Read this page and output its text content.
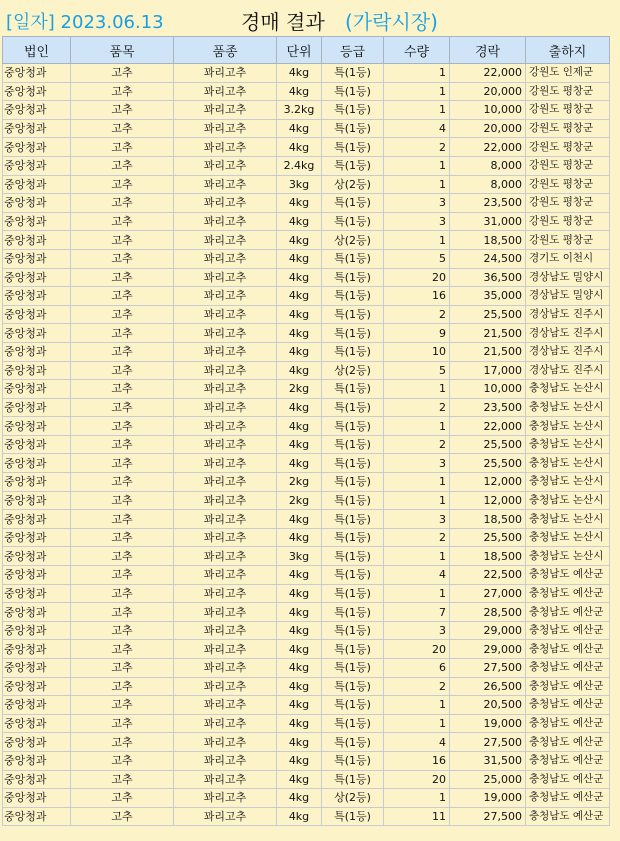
[일자] 2023.06.13	경매 결과 (가락시장)
법인	품목	품종	단위	등급	수량	경락	출하지
중앙청과	고추	꽈리고추	4kg	특(1등)	1	22,000	강원도 인제군
중앙청과	고추	꽈리고추	4kg	특(1등)	1	20,000	강원도 평창군
중앙청과	고추	꽈리고추	3.2kg	특(1등)	1	10,000	강원도 평창군
중앙청과	고추	꽈리고추	4kg	특(1등)	4	20,000	강원도 평창군
중앙청과	고추	꽈리고추	4kg	특(1등)	2	22,000	강원도 평창군
중앙청과	고추	꽈리고추	2.4kg	특(1등)	1	8,000	강원도 평창군
중앙청과	고추	꽈리고추	3kg	상(2등)	1	8,000	강원도 평창군
중앙청과	고추	꽈리고추	4kg	특(1등)	3	23,500	강원도 평창군
중앙청과	고추	꽈리고추	4kg	특(1등)	3	31,000	강원도 평창군
중앙청과	고추	꽈리고추	4kg	상(2등)	1	18,500	강원도 평창군
중앙청과	고추	꽈리고추	4kg	특(1등)	5	24,500	경기도 이천시
중앙청과	고추	꽈리고추	4kg	특(1등)	20	36,500	경상남도 밀양시
중앙청과	고추	꽈리고추	4kg	특(1등)	16	35,000	경상남도 밀양시
중앙청과	고추	꽈리고추	4kg	특(1등)	2	25,500	경상남도 진주시
중앙청과	고추	꽈리고추	4kg	특(1등)	9	21,500	경상남도 진주시
중앙청과	고추	꽈리고추	4kg	특(1등)	10	21,500	경상남도 진주시
중앙청과	고추	꽈리고추	4kg	상(2등)	5	17,000	경상남도 진주시
중앙청과	고추	꽈리고추	2kg	특(1등)	1	10,000	충청남도 논산시
중앙청과	고추	꽈리고추	4kg	특(1등)	2	23,500	충청남도 논산시
중앙청과	고추	꽈리고추	4kg	특(1등)	1	22,000	충청남도 논산시
중앙청과	고추	꽈리고추	4kg	특(1등)	2	25,500	충청남도 논산시
중앙청과	고추	꽈리고추	4kg	특(1등)	3	25,500	충청남도 논산시
중앙청과	고추	꽈리고추	2kg	특(1등)	1	12,000	충청남도 논산시
중앙청과	고추	꽈리고추	2kg	특(1등)	1	12,000	충청남도 논산시
중앙청과	고추	꽈리고추	4kg	특(1등)	3	18,500	충청남도 논산시
중앙청과	고추	꽈리고추	4kg	특(1등)	2	25,500	충청남도 논산시
중앙청과	고추	꽈리고추	3kg	특(1등)	1	18,500	충청남도 논산시
중앙청과	고추	꽈리고추	4kg	특(1등)	4	22,500	충청남도 예산군
중앙청과	고추	꽈리고추	4kg	특(1등)	1	27,000	충청남도 예산군
중앙청과	고추	꽈리고추	4kg	특(1등)	7	28,500	충청남도 예산군
중앙청과	고추	꽈리고추	4kg	특(1등)	3	29,000	충청남도 예산군
중앙청과	고추	꽈리고추	4kg	특(1등)	20	29,000	충청남도 예산군
중앙청과	고추	꽈리고추	4kg	특(1등)	6	27,500	충청남도 예산군
중앙청과	고추	꽈리고추	4kg	특(1등)	2	26,500	충청남도 예산군
중앙청과	고추	꽈리고추	4kg	특(1등)	1	20,500	충청남도 예산군
중앙청과	고추	꽈리고추	4kg	특(1등)	1	19,000	충청남도 예산군
중앙청과	고추	꽈리고추	4kg	특(1등)	4	27,500	충청남도 예산군
중앙청과	고추	꽈리고추	4kg	특(1등)	16	31,500	충청남도 예산군
중앙청과	고추	꽈리고추	4kg	특(1등)	20	25,000	충청남도 예산군
중앙청과	고추	꽈리고추	4kg	상(2등)	1	19,000	충청남도 예산군
중앙청과	고추	꽈리고추	4kg	특(1등)	11	27,500	충청남도 예산군
